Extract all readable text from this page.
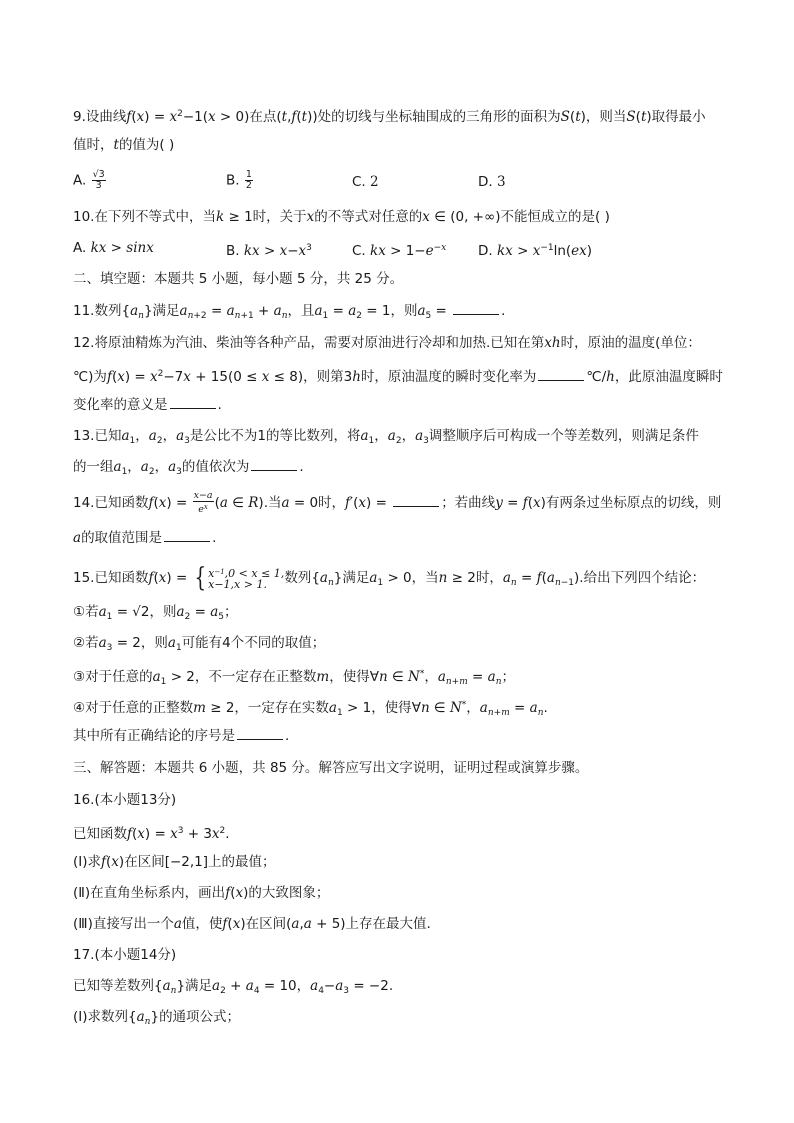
9.设曲线$f(x) = x^2-1(x > 0)$在点(t,f(t))处的切线与坐标轴围成的三角形的面积为S(t)，则当S(t)取得最小
值时，t的值为( )
A. $\frac{√3}{3}$	B. $\frac{1}{2}$	C. 2	D. 3
10.在下列不等式中，当k ≥ 1时，关于x的不等式对任意的x ∈ (0, +∞)不能恒成立的是( )
A. kx > sinx	B. kx > $x-x^3$	C. kx > $1-e^{-x}$ D. kx > $x^{-1}\ln(ex)$
二、填空题：本题共 5 小题，每小题 5 分，共 25 分。
11.数列$\{a_n\}$满足$a_{n+2} = a_{n+1} + a_n$，且$a_1 = a_2 = 1$，则$a_5$ =	.
12.将原油精炼为汽油、柴油等各种产品，需要对原油进行冷却和加热.已知在第xh时，原油的温度(单位：
℃)为$f(x) = x^2-7x + 15(0 \le x \le 8)$，则第3h时，原油温度的瞬时变化率为	℃/h，此原油温度瞬时
变化率的意义是	.
13.已知$a_1$，$a_2$，$a_3$是公比不为1的等比数列，将$a_1$，$a_2$，$a_3$调整顺序后可构成一个等差数列，则满足条件
的一组$a_1$，$a_2$，$a_3$的值依次为	.
14.已知函数$f(x) = \frac{x-a}{e^x} (a$ ∈ R).当a = 0时，f′(x) =	；若曲线y = f(x)有两条过坐标原点的切线，则
a的取值范围是	.
15.已知函数f(x) = { $x^{-1},0 < x \le 1$,
x−1,x > 1.	数列$\{a_n\}$满足$a_1 > 0$，当n ≥ 2时，$a_n = f(a_{n-1})$.给出下列四个结论：
①若$a_1 = √2$，则$a_2 = a_5$；
②若$a_3 = 2$，则$a_1$可能有4个不同的取值；
③对于任意的$a_1 > 2$，不一定存在正整数m，使得∀n ∈ N*，$a_{n+m} = a_n$；
④对于任意的正整数m ≥ 2，一定存在实数$a_1 > 1$，使得∀n ∈ N*，$a_{n+m} = a_n$.
其中所有正确结论的序号是	.
三、解答题：本题共 6 小题，共 85 分。解答应写出文字说明，证明过程或演算步骤。
16.(本小题13分)
已知函数$f(x) = x^3 + 3x^2$.
(Ⅰ)求f(x)在区间[−2,1]上的最值；
(Ⅱ)在直角坐标系内，画出f(x)的大致图象；
(Ⅲ)直接写出一个a值，使f(x)在区间(a,a + 5)上存在最大值.
17.(本小题14分)
已知等差数列$\{a_n\}$满足$a_2 + a_4 = 10$，$a_4-a_3 = -2$.
(Ⅰ)求数列$\{a_n\}$的通项公式；
